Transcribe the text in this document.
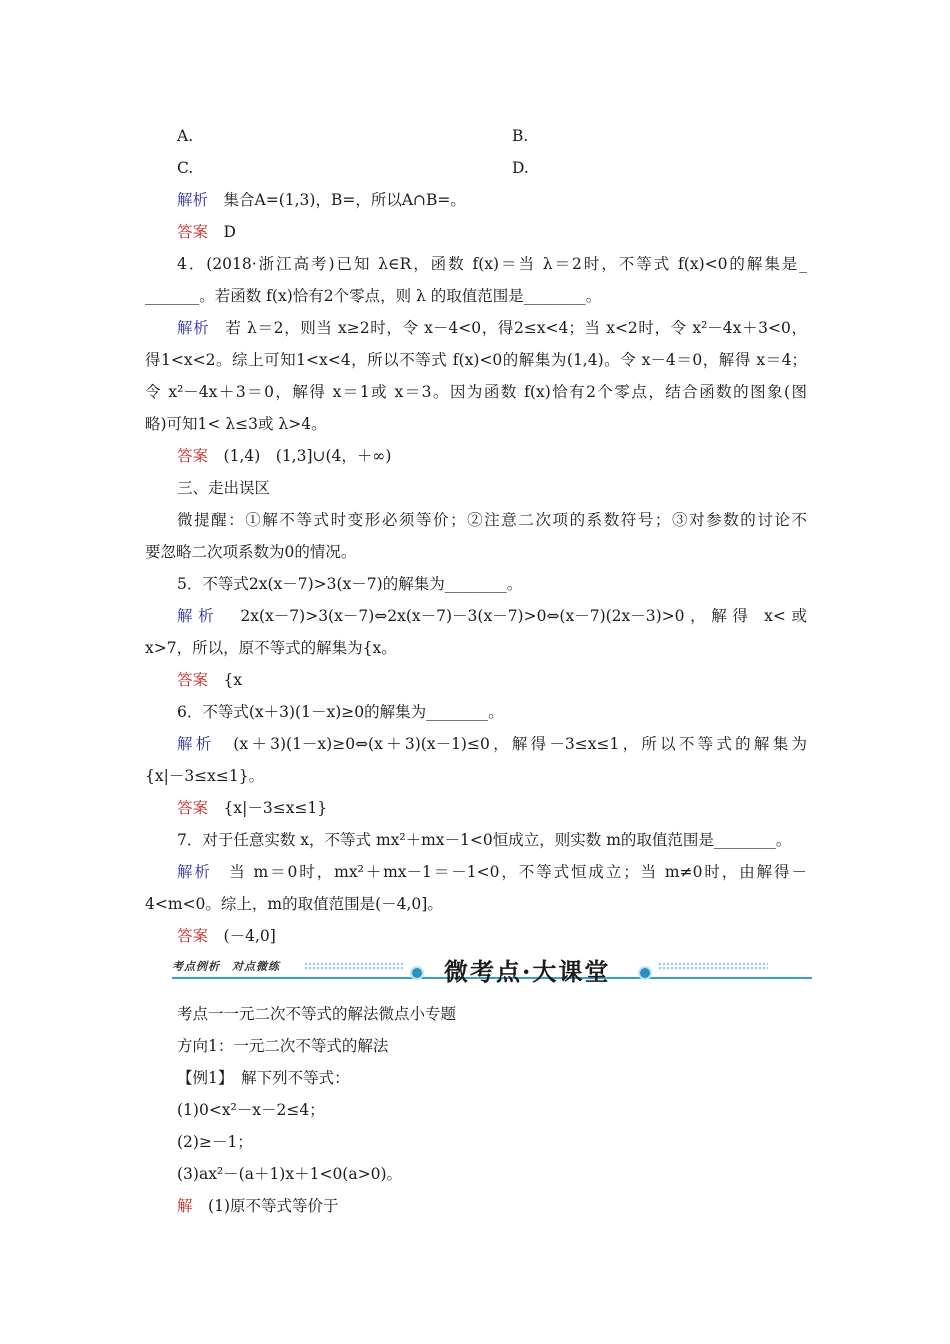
A.	B.
C.	D.
解析　 集合A=(1,3)，B=，所以A∩B=。
答案　 D
4．(2018·浙江高考)已知 λ∈R，函数 f(x)＝当 λ＝2时，不等式 f(x)<0的解集是_
_______。若函数 f(x)恰有2个零点，则 λ 的取值范围是________。
解析　 若 λ＝2，则当 x≥2时，令 x－4<0，得2≤x<4；当 x<2时，令 x²－4x＋3<0，
得1<x<2。综上可知1<x<4，所以不等式 f(x)<0的解集为(1,4)。令 x－4＝0，解得 x＝4；
令 x²－4x＋3＝0，解得 x＝1或 x＝3。因为函数 f(x)恰有2个零点，结合函数的图象(图
略)可知1< λ≤3或 λ>4。
答案　 (1,4)　(1,3]∪(4，＋∞)
三、走出误区
微提醒：①解不等式时变形必须等价；②注意二次项的系数符号；③对参数的讨论不
要忽略二次项系数为0的情况。
5．不等式2x(x－7)>3(x－7)的解集为________。
解析　 2x(x－7)>3(x－7)⇔2x(x－7)－3(x－7)>0⇔(x－7)(2x－3)>0，解得 x<或
x>7，所以，原不等式的解集为{x。
答案　 {x
6．不等式(x＋3)(1－x)≥0的解集为________。
解析　 (x＋3)(1－x)≥0⇔(x＋3)(x－1)≤0，解得－3≤x≤1，所以不等式的解集为
{x|－3≤x≤1}。
答案　 {x|－3≤x≤1}
7．对于任意实数 x，不等式 mx²＋mx－1<0恒成立，则实数 m的取值范围是________。
解析　 当 m＝0时，mx²＋mx－1＝－1<0，不等式恒成立；当 m≠0时，由解得－
4<m<0。综上，m的取值范围是(－4,0]。
答案　 (－4,0]
考点例析　对点微练	微考点·大课堂
考点一一元二次不等式的解法微点小专题
方向1：一元二次不等式的解法
【例1】　 解下列不等式：
(1)0<x²－x－2≤4；
(2)≥－1；
(3)ax²－(a＋1)x＋1<0(a>0)。
解　 (1)原不等式等价于
